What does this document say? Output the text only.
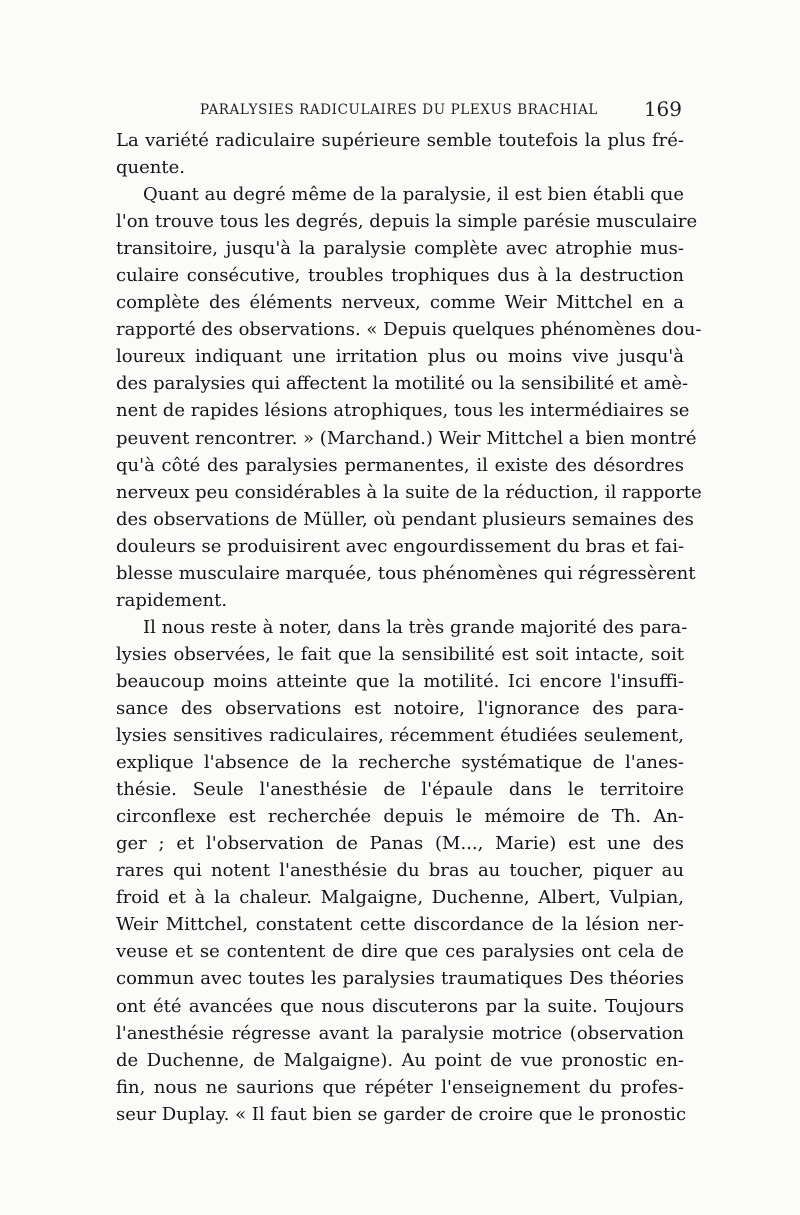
PARALYSIES RADICULAIRES DU PLEXUS BRACHIAL 169
La variété radiculaire supérieure semble toutefois la plus fré-
quente.
Quant au degré même de la paralysie, il est bien établi que
l'on trouve tous les degrés, depuis la simple parésie musculaire
transitoire, jusqu'à la paralysie complète avec atrophie mus-
culaire consécutive, troubles trophiques dus à la destruction
complète des éléments nerveux, comme Weir Mittchel en a
rapporté des observations. « Depuis quelques phénomènes dou-
loureux indiquant une irritation plus ou moins vive jusqu'à
des paralysies qui affectent la motilité ou la sensibilité et amè-
nent de rapides lésions atrophiques, tous les intermédiaires se
peuvent rencontrer. » (Marchand.) Weir Mittchel a bien montré
qu'à côté des paralysies permanentes, il existe des désordres
nerveux peu considérables à la suite de la réduction, il rapporte
des observations de Müller, où pendant plusieurs semaines des
douleurs se produisirent avec engourdissement du bras et fai-
blesse musculaire marquée, tous phénomènes qui régressèrent
rapidement.
Il nous reste à noter, dans la très grande majorité des para-
lysies observées, le fait que la sensibilité est soit intacte, soit
beaucoup moins atteinte que la motilité. Ici encore l'insuffi-
sance des observations est notoire, l'ignorance des para-
lysies sensitives radiculaires, récemment étudiées seulement,
explique l'absence de la recherche systématique de l'anes-
thésie. Seule l'anesthésie de l'épaule dans le territoire
circonflexe est recherchée depuis le mémoire de Th. An-
ger ; et l'observation de Panas (M..., Marie) est une des
rares qui notent l'anesthésie du bras au toucher, piquer au
froid et à la chaleur. Malgaigne, Duchenne, Albert, Vulpian,
Weir Mittchel, constatent cette discordance de la lésion ner-
veuse et se contentent de dire que ces paralysies ont cela de
commun avec toutes les paralysies traumatiques Des théories
ont été avancées que nous discuterons par la suite. Toujours
l'anesthésie régresse avant la paralysie motrice (observation
de Duchenne, de Malgaigne). Au point de vue pronostic en-
fin, nous ne saurions que répéter l'enseignement du profes-
seur Duplay. « Il faut bien se garder de croire que le pronostic
